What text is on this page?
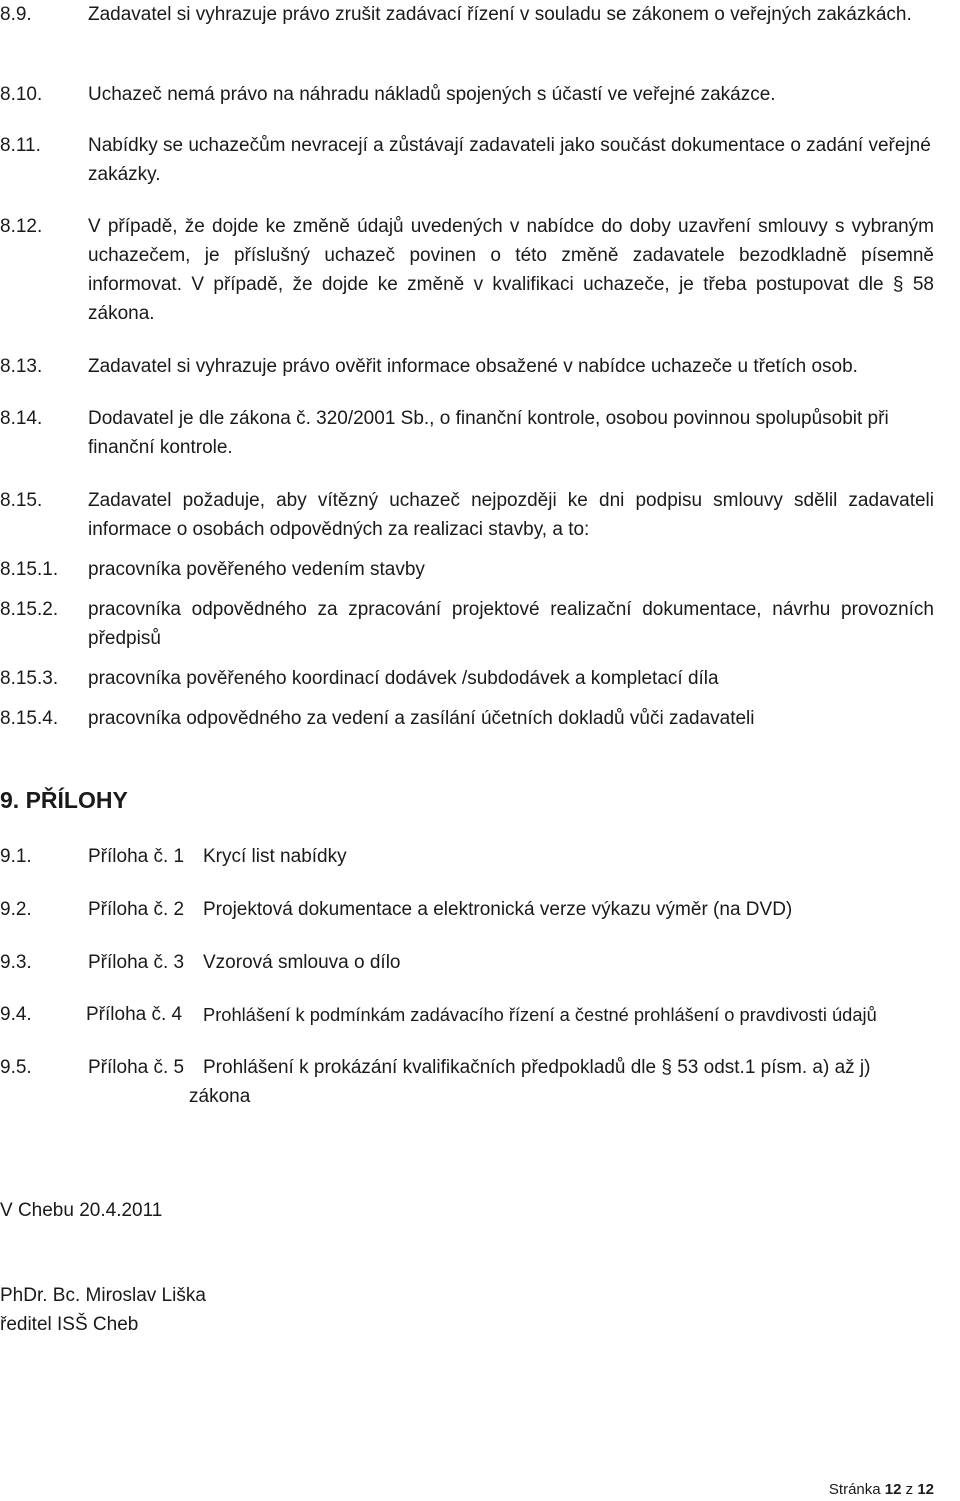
8.9.	Zadavatel si vyhrazuje právo zrušit zadávací řízení v souladu se zákonem o veřejných zakázkách.
8.10. Uchazeč nemá právo na náhradu nákladů spojených s účastí ve veřejné zakázce.
8.11. Nabídky se uchazečům nevracejí a zůstávají zadavateli jako součást dokumentace o zadání veřejné zakázky.
8.12. V případě, že dojde ke změně údajů uvedených v nabídce do doby uzavření smlouvy s vybraným uchazečem, je příslušný uchazeč povinen o této změně zadavatele bezodkladně písemně informovat. V případě, že dojde ke změně v kvalifikaci uchazeče, je třeba postupovat dle § 58 zákona.
8.13. Zadavatel si vyhrazuje právo ověřit informace obsažené v nabídce uchazeče u třetích osob.
8.14. Dodavatel je dle zákona č. 320/2001 Sb., o finanční kontrole, osobou povinnou spolupůsobit při finanční kontrole.
8.15. Zadavatel požaduje, aby vítězný uchazeč nejpozději ke dni podpisu smlouvy sdělil zadavateli informace o osobách odpovědných za realizaci stavby, a to:
8.15.1. pracovníka pověřeného vedením stavby
8.15.2. pracovníka odpovědného za zpracování projektové realizační dokumentace, návrhu provozních předpisů
8.15.3. pracovníka pověřeného koordinací dodávek /subdodávek a kompletací díla
8.15.4. pracovníka odpovědného za vedení a zasílání účetních dokladů vůči zadavateli
9. PŘÍLOHY
9.1.	Příloha č. 1 Krycí list nabídky
9.2.	Příloha č. 2 Projektová dokumentace a elektronická verze výkazu výměr (na DVD)
9.3.	Příloha č. 3 Vzorová smlouva o dílo
9.4.	Příloha č. 4 Prohlášení k podmínkám zadávacího řízení a čestné prohlášení o pravdivosti údajů
9.5.	Příloha č. 5 Prohlášení k prokázání kvalifikačních předpokladů dle § 53 odst.1 písm. a) až j)
zákona
V Chebu 20.4.2011
PhDr. Bc. Miroslav Liška
ředitel ISŠ Cheb
Stránka 12 z 12
